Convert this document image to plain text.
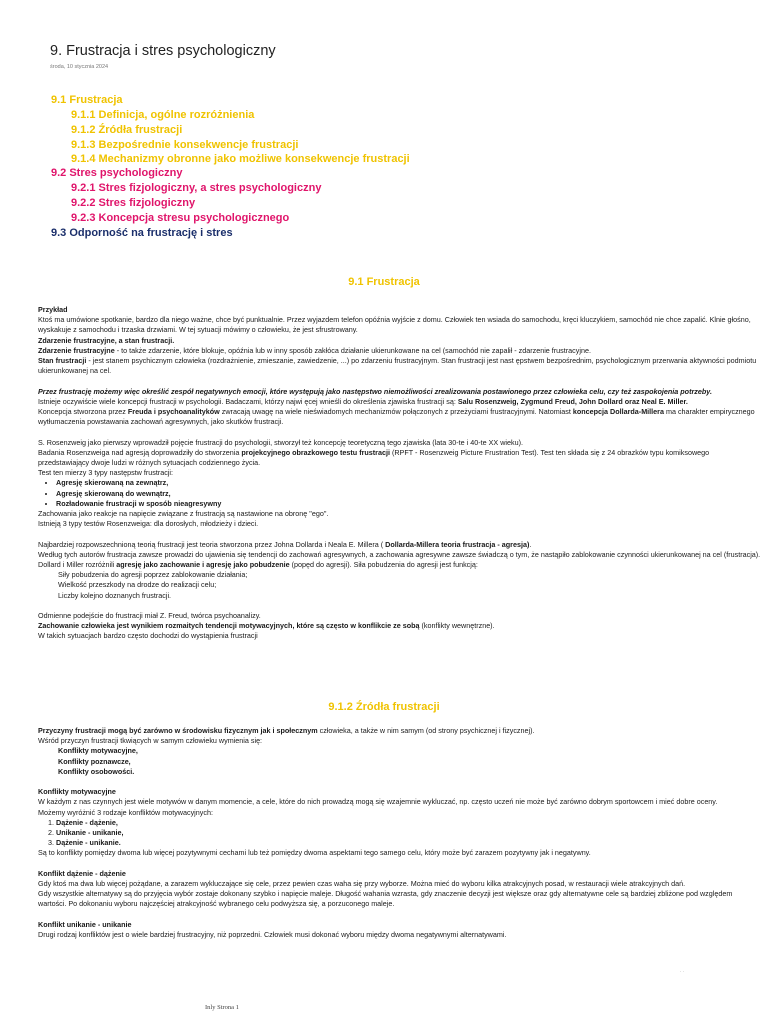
9. Frustracja i stres psychologiczny
środa, 10 stycznia 2024
9.1 Frustracja
9.1.1 Definicja, ogólne rozróżnienia
9.1.2 Źródła frustracji
9.1.3 Bezpośrednie konsekwencje frustracji
9.1.4 Mechanizmy obronne jako możliwe konsekwencje frustracji
9.2 Stres psychologiczny
9.2.1 Stres fizjologiczny, a stres psychologiczny
9.2.2 Stres fizjologiczny
9.2.3 Koncepcja stresu psychologicznego
9.3 Odporność na frustrację i stres
9.1 Frustracja

Przykład

Ktoś ma umówione spotkanie, bardzo dla niego ważne, chce być punktualnie. Przez wyjazdem telefon opóźnia wyjście z domu. Człowiek ten wsiada do samochodu, kręci kluczykiem, samochód nie chce zapalić. Klnie głośno, wyskakuje z samochodu i trzaska drzwiami. W tej sytuacji mówimy o człowieku, że jest sfrustrowany.

Zdarzenie frustracyjne, a stan frustracji.

Zdarzenie frustracyjne - to także zdarzenie, które blokuje, opóźnia lub w inny sposób zakłóca działanie ukierunkowane na cel (samochód nie zapalił - zdarzenie frustracyjne.

Stan frustracji - jest stanem psychicznym człowieka (rozdrażnienie, zmieszanie, zawiedzenie, ...) po zdarzeniu frustracyjnym. Stan frustracji jest nast ępstwem bezpośrednim, psychologicznym przerwania aktywności podmiotu ukierunkowanej na cel.

Przez frustrację możemy więc określić zespół negatywnych emocji, które występują jako następstwo niemożliwości zrealizowania postawionego przez człowieka celu, czy też zaspokojenia potrzeby.

Istnieje oczywiście wiele koncepcji frustracji w psychologii. Badaczami, którzy najwi ęcej wnieśli do określenia zjawiska frustracji są: Salu Rosenzweig, Zygmund Freud, John Dollard oraz Neal E. Miller.

Koncepcja stworzona przez Freuda i psychoanalityków zwracają uwagę na wiele nieświadomych mechanizmów połączonych z przeżyciami frustracyjnymi. Natomiast koncepcja Dollarda-Millera ma charakter empirycznego wytłumaczenia powstawania zachowań agresywnych, jako skutków frustracji.

S. Rosenzweig jako pierwszy wprowadził pojęcie frustracji do psychologii, stworzył też koncepcję teoretyczną tego zjawiska (lata 30-te i 40-te XX wieku).

Badania Rosenzweiga nad agresją doprowadziły do stworzenia projekcyjnego obrazkowego testu frustracji (RPFT - Rosenzweig Picture Frustration Test). Test ten składa się z 24 obrazków typu komiksowego przedstawiający dwoje ludzi w różnych sytuacjach codziennego życia.

Test ten mierzy 3 typy następstw frustracji:

• Agresję skierowaną na zewnątrz,
• Agresję skierowaną do wewnątrz,
• Rozładowanie frustracji w sposób nieagresywny

Zachowania jako reakcje na napięcie związane z frustracją są nastawione na obronę "ego".

Istnieją 3 typy testów Rosenzweiga: dla dorosłych, młodzieży i dzieci.

Najbardziej rozpowszechnioną teorią frustracji jest teoria stworzona przez Johna Dollarda i Neala E. Millera ( Dollarda-Millera teoria frustracja - agresja).

Według tych autorów frustracja zawsze prowadzi do ujawienia się tendencji do zachowań agresywnych, a zachowania agresywne zawsze świadczą o tym, że nastąpiło zablokowanie czynności ukierunkowanej na cel (frustracja).

Dollard i Miller rozróżnili agresję jako zachowanie i agresję jako pobudzenie (popęd do agresji). Siła pobudzenia do agresji jest funkcją:

Siły pobudzenia do agresji poprzez zablokowanie działania;

Wielkość przeszkody na drodze do realizacji celu;

Liczby kolejno doznanych frustracji.

Odmienne podejście do frustracji miał Z. Freud, twórca psychoanalizy.

Zachowanie człowieka jest wynikiem rozmaitych tendencji motywacyjnych, które są często w konflikcie ze sobą (konflikty wewnętrzne).

W takich sytuacjach bardzo często dochodzi do wystąpienia frustracji

9.1.2 Źródła frustracji

Przyczyny frustracji mogą być zarówno w środowisku fizycznym jak i społecznym człowieka, a także w nim samym (od strony psychicznej i fizycznej).

Wśród przyczyn frustracji tkwiących w samym człowieku wymienia się:

Konflikty motywacyjne,

Konflikty poznawcze,

Konflikty osobowości.

Konflikty motywacyjne

W każdym z nas czynnych jest wiele motywów w danym momencie, a cele, które do nich prowadzą mogą się wzajemnie wykluczać, np. często uczeń nie może być zarówno dobrym sportowcem i mieć dobre oceny.

Możemy wyróżnić 3 rodzaje konfliktów motywacyjnych:

1. Dążenie - dążenie,
2. Unikanie - unikanie,
3. Dążenie - unikanie.

Są to konflikty pomiędzy dwoma lub więcej pozytywnymi cechami lub też pomiędzy dwoma aspektami tego samego celu, który może być zarazem pozytywny jak i negatywny.

Konflikt dążenie - dążenie

Gdy ktoś ma dwa lub więcej pożądane, a zarazem wykluczające się cele, przez pewien czas waha się przy wyborze. Można mieć do wyboru kilka atrakcyjnych posad, w restauracji wiele atrakcyjnych dań.

Gdy wszystkie alternatywy są do przyjęcia wybór zostaje dokonany szybko i napięcie maleje. Długość wahania wzrasta, gdy znaczenie decyzji jest większe oraz gdy alternatywne cele są bardziej zbliżone pod względem wartości. Po dokonaniu wyboru najczęściej atrakcyjność wybranego celu podwyższa się, a porzuconego maleje.

Konflikt unikanie - unikanie

Drugi rodzaj konfliktów jest o wiele bardziej frustracyjny, niż poprzedni. Człowiek musi dokonać wyboru między dwoma negatywnymi alternatywami.

. .
Inly Strona 1
